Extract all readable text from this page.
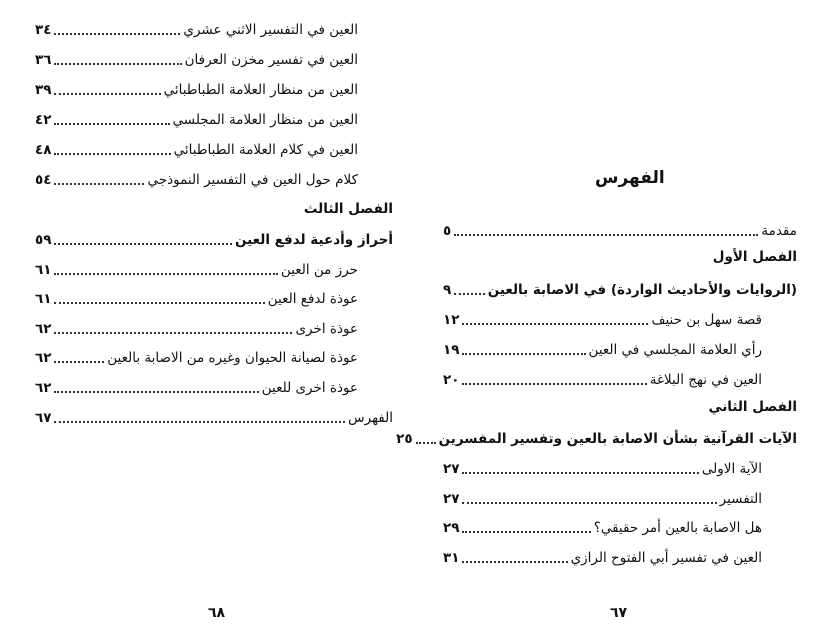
الفصل الثالث
٦٨
العين في التفسير الاثني عشري
٣٤
العين في تفسير مخزن العرفان
٣٦
العين من منظار العلامة الطباطبائي
٣٩
العين من منظار العلامة المجلسي
٤٢
العين في كلام العلامة الطباطبائي
٤٨
كلام حول العين في التفسير النموذجي
٥٤
أحراز وأدعية لدفع العين
٥٩
حرز من العين
٦١
عوذة لدفع العين
٦١
عوذة اخرى
٦٢
عوذة لصيانة الحيوان وغيره من الاصابة بالعين
٦٢
عوذة اخرى للعين
٦٢
الفهرس
٦٧
الفهرس
الفصل الأول
الفصل الثاني
٦٧
مقدمة
٥
(الروايات والأحاديث الواردة) في الاصابة بالعين
٩
قصة سهل بن حنيف
١٢
رأي العلامة المجلسي في العين
١٩
العين في نهج البلاغة
٢٠
الآيات القرآنية بشأن الاصابة بالعين وتفسير المفسرين
٢٥
الآية الاولى
٢٧
التفسير
٢٧
هل الاصابة بالعين أمر حقيقي؟
٢٩
العين في تفسير أبي الفتوح الرازي
٣١
